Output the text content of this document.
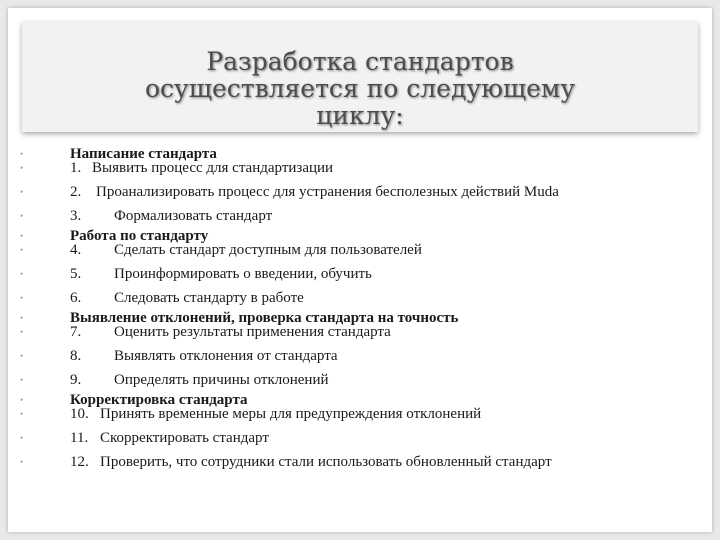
Разработка стандартов
осуществляется по следующему
циклу:
•	Написание стандарта
•	1. Выявить процесс для стандартизации
•	2. Проанализировать процесс для устранения бесполезных действий Muda
•	3. Формализовать стандарт
•	Работа по стандарту
•	4. Сделать стандарт доступным для пользователей
•	5. Проинформировать о введении, обучить
•	6. Следовать стандарту в работе
•	Выявление отклонений, проверка стандарта на точность
•	7. Оценить результаты применения стандарта
•	8. Выявлять отклонения от стандарта
•	9. Определять причины отклонений
•	Корректировка стандарта
•	10. Принять временные меры для предупреждения отклонений
•	11. Скорректировать стандарт
•	12. Проверить, что сотрудники стали использовать обновленный стандарт
